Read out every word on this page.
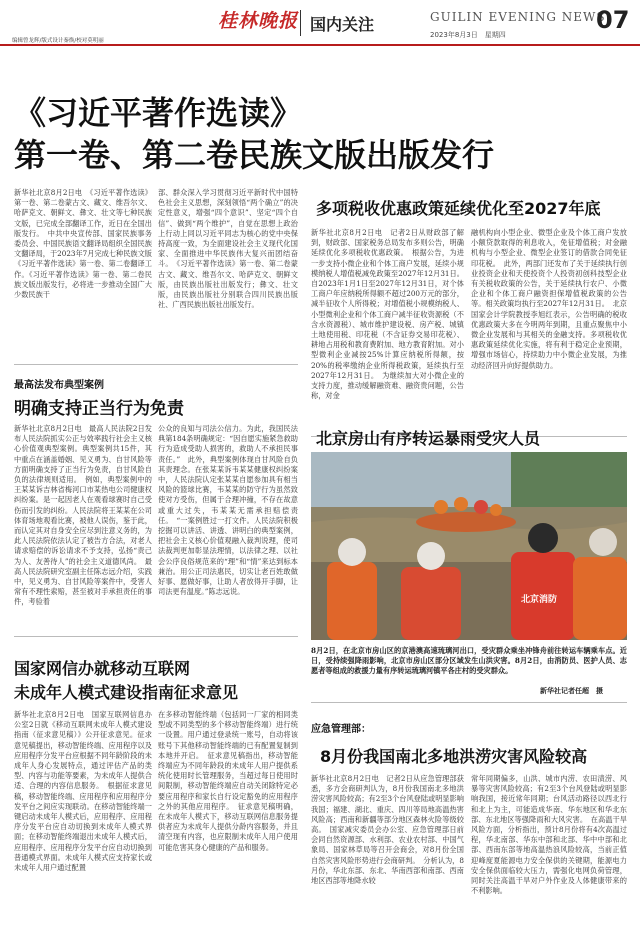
编辑曾龙辉/版式设计秦焕/校对莫明丽
桂林晚报 国内关注	GUILIN EVENING NEWS
2023年8月3日　星期四
07
《习近平著作选读》
第一卷、第二卷民族文版出版发行
新华社北京8月2日电　《习近平著作选读》第一卷、第二卷蒙古文、藏文、维吾尔文、哈萨克文、朝鲜文、彝文、壮文等七种民族文版，已完成全部翻译工作，近日在全国出版发行。　中共中央宣传部、国家民族事务委员会、中国民族语文翻译局组织全国民族文翻译局，于2023年7月完成七种民族文版《习近平著作选读》第一卷、第二卷翻译工作。《习近平著作选读》第一卷、第二卷民族文版出版发行，必将进一步推动全国广大少数民族干
部、群众深入学习贯彻习近平新时代中国特色社会主义思想，深刻领悟“两个确立”的决定性意义，增强“四个意识”、坚定“四个自信”、做到“两个维护”，自觉在思想上政治上行动上同以习近平同志为核心的党中央保持高度一致，为全面建设社会主义现代化国家、全面推进中华民族伟大复兴而团结奋斗。　《习近平著作选读》第一卷、第二卷蒙古文、藏文、维吾尔文、哈萨克文、朝鲜文版，由民族出版社出版发行；彝文、壮文版，由民族出版社分别联合四川民族出版社、广西民族出版社出版发行。
多项税收优惠政策延续优化至2027年底
新华社北京8月2日电　记者2日从财政部了解到，财政部、国家税务总局发布多则公告，明确延续优化多项税收优惠政策。　根据公告，为进一步支持小微企业和个体工商户发展，延续小规模纳税人增值税减免政策至2027年12月31日。自2023年1月1日至2027年12月31日，对个体工商户年应纳税所得额不超过200万元的部分，减半征收个人所得税；对增值税小规模纳税人、小型微利企业和个体工商户减半征收资源税（不含水资源税）、城市维护建设税、房产税、城镇土地使用税、印花税（不含证券交易印花税）、耕地占用税和教育费附加、地方教育附加。对小型微利企业减按25%计算应纳税所得额，按20%的税率缴纳企业所得税政策，延续执行至2027年12月31日。　为继续加大对小微企业的支持力度，推动缓解融资难、融资贵问题，公告称，对金
融机构向小型企业、微型企业及个体工商户发放小额贷款取得的利息收入，免征增值税；对金融机构与小型企业、微型企业签订的借款合同免征印花税。　此外，两部门还发布了关于延续执行创业投资企业和天使投资个人投资初创科技型企业有关税收政策的公告，关于延续执行农户、小微企业和个体工商户融资担保增值税政策的公告等。相关政策均执行至2027年12月31日。　北京国家会计学院教授李旭红表示，公告明确的税收优惠政策大多在今明两年到期，且重点聚焦中小微企业发展和与其相关的金融支持。多项税收优惠政策延续优化实施，将有利于稳定企业预期，增强市场信心，持续助力中小微企业发展，为推动经济回升向好提供助力。
最高法发布典型案例
明确支持正当行为免责
新华社北京8月2日电　最高人民法院2日发布人民法院抓实公正与效率践行社会主义核心价值观典型案例。典型案例共15件，其中重点在涵盖婚姻、见义勇为、自甘风险等方面明确支持了正当行为免责，自甘风险自负的法律规则适用。　例如，典型案例中的王某某诉吉林省梅河口市某热电公司健康权纠纷案。是一起因老人在观看球赛时自己受伤而引发的纠纷。人民法院将王某某在公司体育场地观看比赛，被他人误伤，鉴于此，而认定其对自身安全应尽到注意义务的，为此人民法院依法认定了被告方合法，对老人请求赔偿的诉讼请求不予支持，弘扬“责己为人、友善待人”的社会主义道德风尚。　最高人民法院研究室副主任陈志远介绍，实践中，见义勇为、自甘风险等案件中，受害人常有不理性索赔，甚至被对手承担责任的事件，考验着
公众的良知与司法公信力。为此，我国民法典第184条明确规定：“因自愿实施紧急救助行为造成受助人损害的，救助人不承担民事责任。”　此外，典型案例体现自甘风险自负其责理念。在张某某诉韦某某健康权纠纷案中，人民法院认定张某某自愿参加具有相当风险的篮球比赛，韦某某的防守行为虽然致使对方受伤，但属于合理冲撞，不存在故意或重大过失，韦某某无需承担赔偿责任。　“一案例胜过一打文件。人民法院积极挖掘可以讲活、讲透、讲明白的典型案例，把社会主义核心价值观融入裁判说理，使司法裁判更加彰显法理情，以法律之理、以社会公序良俗规范来的“理”和“情”来达到标本兼治。用公正司法惠民，切实让老百姓敢做好事、愿做好事，让助人者放得开手脚，让司法更有温度。”陈志远说。
北京房山有序转运暴雨受灾人员
北京消防
8月2日，在北京市房山区的京港澳高速琉璃河出口，受灾群众乘坐冲锋舟前往转运车辆乘车点。近日，受持续强降雨影响，北京市房山区部分区域发生山洪灾害。8月2日，由消防员、医护人员、志愿者等组成的救援力量有序转运琉璃河镇平各庄村的受灾群众。
新华社记者任超　摄
国家网信办就移动互联网
未成年人模式建设指南征求意见
新华社北京8月2日电　国家互联网信息办公室2日就《移动互联网未成年人模式建设指南（征求意见稿）》公开征求意见。征求意见稿提出，移动智能终端、应用程序以及应用程序分发平台应根据不同年龄阶段的未成年人身心发展特点，通过评估产品的类型、内容与功能等要素，为未成年人提供合适、合理的内容信息服务。　根据征求意见稿，移动智能终端、应用程序和应用程序分发平台之间应实现联动。在移动智能终端一键启动未成年人模式后，应用程序、应用程序分发平台应自动切换到未成年人模式界面；在移动智能终端退出未成年人模式后，应用程序、应用程序分发平台应自动切换到普通模式界面。未成年人模式应支持家长或未成年人用户通过配置
在多移动智能终端（包括同一厂家的相同类型或不同类型的多个移动智能终端）进行统一设置。用户通过登录统一账号，自动将该账号下其他移动智能终端的已有配置复制到本地并开启。　征求意见稿指出，移动智能终端应为不同年龄段的未成年人用户提供系统化使用时长管理服务，当超过每日使用时间限制，移动智能终端应自动关闭除特定必要应用程序和家长自行设定豁免的应用程序之外的其他应用程序。　征求意见稿明确，在未成年人模式下，移动互联网信息服务提供者应为未成年人提供分龄内容服务，并且清空现有内容，也应限制未成年人用户使用可能危害其身心健康的产品和服务。
应急管理部：
8月份我国南北多地洪涝灾害风险较高
新华社北京8月2日电　记者2日从应急管理部获悉，多方会商研判认为，8月份我国南北多地洪涝灾害风险较高；有2至3个台风登陆或明显影响我国；福建、湖北、重庆、四川等局地高温热害风险高；西南和新疆等部分地区森林火险等级较高。　国家减灾委员会办公室、应急管理部日前会同自然资源部、水利部、农业农村部、中国气象局、国家林草局等召开会商会，对8月份全国自然灾害风险形势进行会商研判。　分析认为，8月份，华北东部、东北、华南西部和南部、西南地区西部等地降水较
常年同期偏多，山洪、城市内涝、农田渍涝、风暴等灾害风险较高；有2至3个台风登陆或明显影响我国，接近常年同期；台风活动路径以西北行和北上为主，可能造成华南、华东地区和华北东部、东北地区等强降雨和大风灾害。　在高温干旱风险方面，分析指出，预计8月份将有4次高温过程，华北南部、华东中部和北部、华中中部和北部、西南东部等地高温热浪风险较高，当前正值迎峰度夏能源电力安全保供的关键期，能源电力安全保供面临较大压力，需强化电网负荷管理，同时关注高温干旱对户外作业及人体健康带来的不利影响。
